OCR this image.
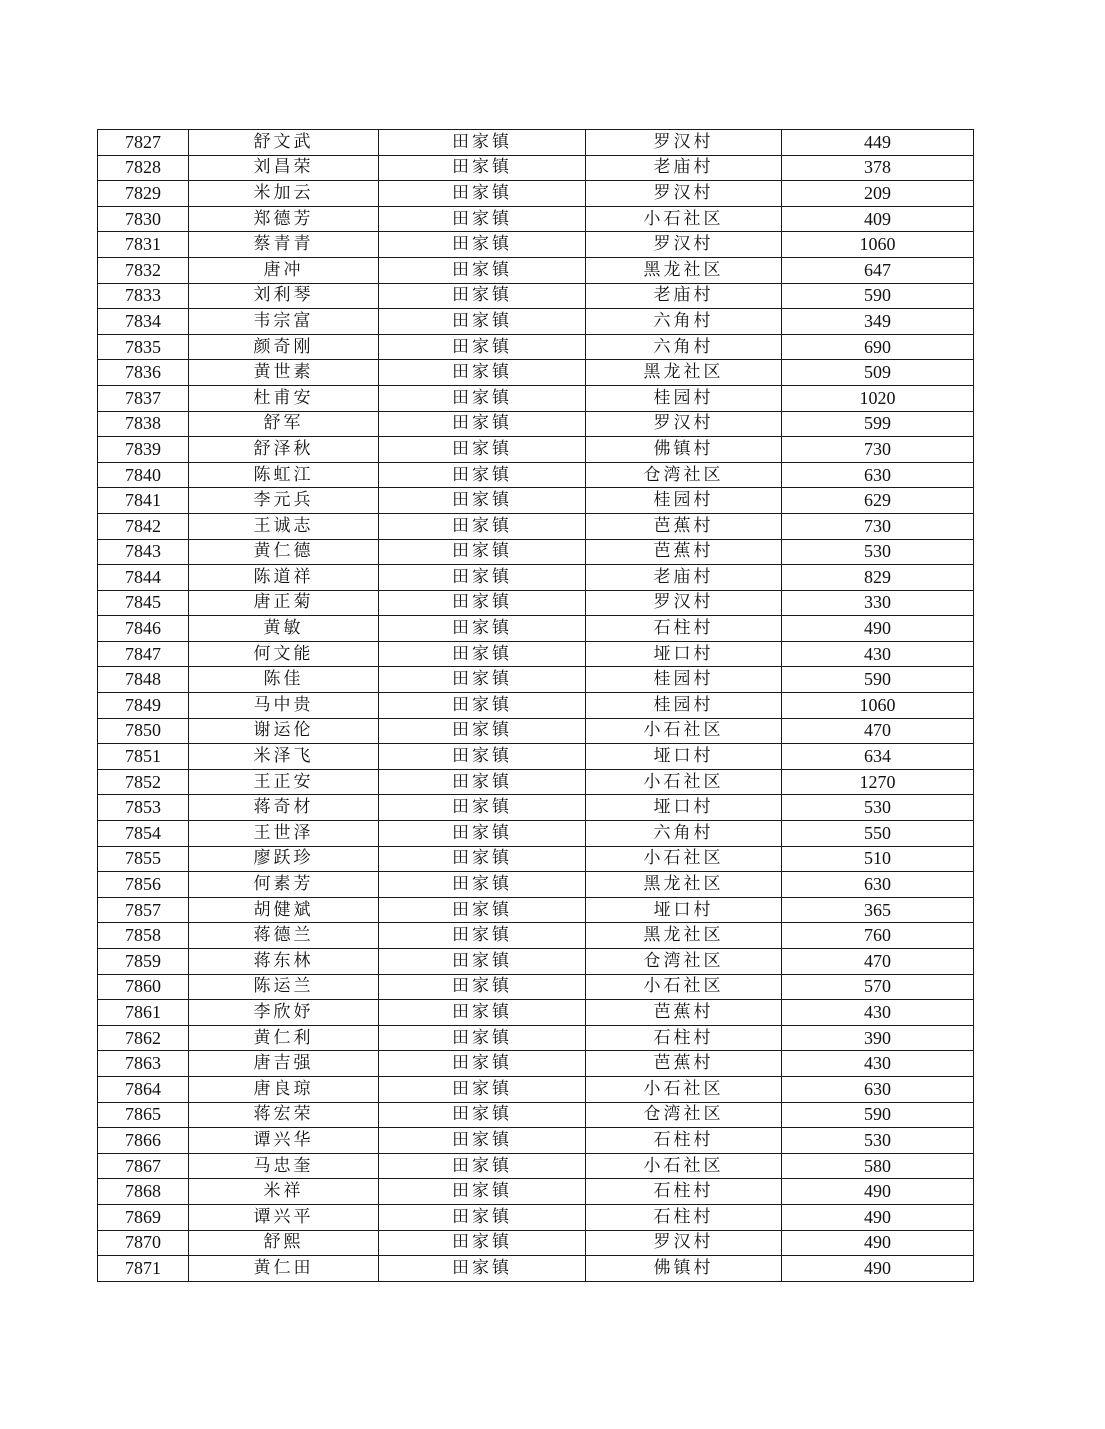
7827	舒文武	田家镇	罗汉村	449
7828	刘昌荣	田家镇	老庙村	378
7829	米加云	田家镇	罗汉村	209
7830	郑德芳	田家镇	小石社区	409
7831	蔡青青	田家镇	罗汉村	1060
7832	唐冲	田家镇	黑龙社区	647
7833	刘利琴	田家镇	老庙村	590
7834	韦宗富	田家镇	六角村	349
7835	颜奇刚	田家镇	六角村	690
7836	黄世素	田家镇	黑龙社区	509
7837	杜甫安	田家镇	桂园村	1020
7838	舒军	田家镇	罗汉村	599
7839	舒泽秋	田家镇	佛镇村	730
7840	陈虹江	田家镇	仓湾社区	630
7841	李元兵	田家镇	桂园村	629
7842	王诚志	田家镇	芭蕉村	730
7843	黄仁德	田家镇	芭蕉村	530
7844	陈道祥	田家镇	老庙村	829
7845	唐正菊	田家镇	罗汉村	330
7846	黄敏	田家镇	石柱村	490
7847	何文能	田家镇	垭口村	430
7848	陈佳	田家镇	桂园村	590
7849	马中贵	田家镇	桂园村	1060
7850	谢运伦	田家镇	小石社区	470
7851	米泽飞	田家镇	垭口村	634
7852	王正安	田家镇	小石社区	1270
7853	蒋奇材	田家镇	垭口村	530
7854	王世泽	田家镇	六角村	550
7855	廖跃珍	田家镇	小石社区	510
7856	何素芳	田家镇	黑龙社区	630
7857	胡健斌	田家镇	垭口村	365
7858	蒋德兰	田家镇	黑龙社区	760
7859	蒋东林	田家镇	仓湾社区	470
7860	陈运兰	田家镇	小石社区	570
7861	李欣妤	田家镇	芭蕉村	430
7862	黄仁利	田家镇	石柱村	390
7863	唐吉强	田家镇	芭蕉村	430
7864	唐良琼	田家镇	小石社区	630
7865	蒋宏荣	田家镇	仓湾社区	590
7866	谭兴华	田家镇	石柱村	530
7867	马忠奎	田家镇	小石社区	580
7868	米祥	田家镇	石柱村	490
7869	谭兴平	田家镇	石柱村	490
7870	舒熙	田家镇	罗汉村	490
7871	黄仁田	田家镇	佛镇村	490
